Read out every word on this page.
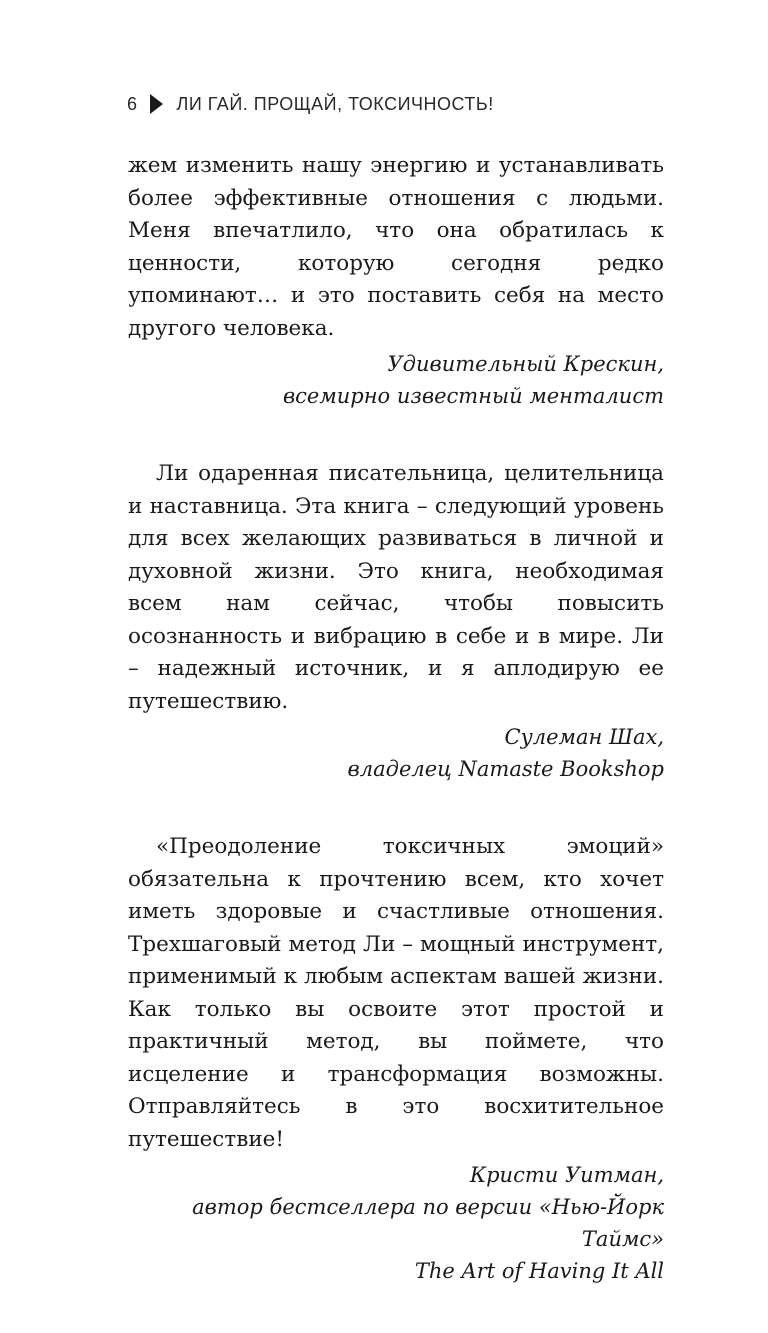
6 ЛИ ГАЙ. ПРОЩАЙ, ТОКСИЧНОСТЬ!

жем изменить нашу энергию и устанавливать более эффективные отношения с людьми. Меня впечатлило, что она обратилась к ценности, которую сегодня редко упоминают… и это поставить себя на место другого человека.

Удивительный Крескин,
всемирно известный менталист

Ли одаренная писательница, целительница и наставница. Эта книга – следующий уровень для всех желающих развиваться в личной и духовной жизни. Это книга, необходимая всем нам сейчас, чтобы повысить осознанность и вибрацию в себе и в мире. Ли – надежный источник, и я аплодирую ее путешествию.

Сулеман Шах,
владелец Namaste Bookshop

«Преодоление токсичных эмоций» обязательна к прочтению всем, кто хочет иметь здоровые и счастливые отношения. Трехшаговый метод Ли – мощный инструмент, применимый к любым аспектам вашей жизни. Как только вы освоите этот простой и практичный метод, вы поймете, что исцеление и трансформация возможны. Отправляйтесь в это восхитительное путешествие!

Кристи Уитман,
автор бестселлера по версии «Нью-Йорк Таймс»
The Art of Having It All
